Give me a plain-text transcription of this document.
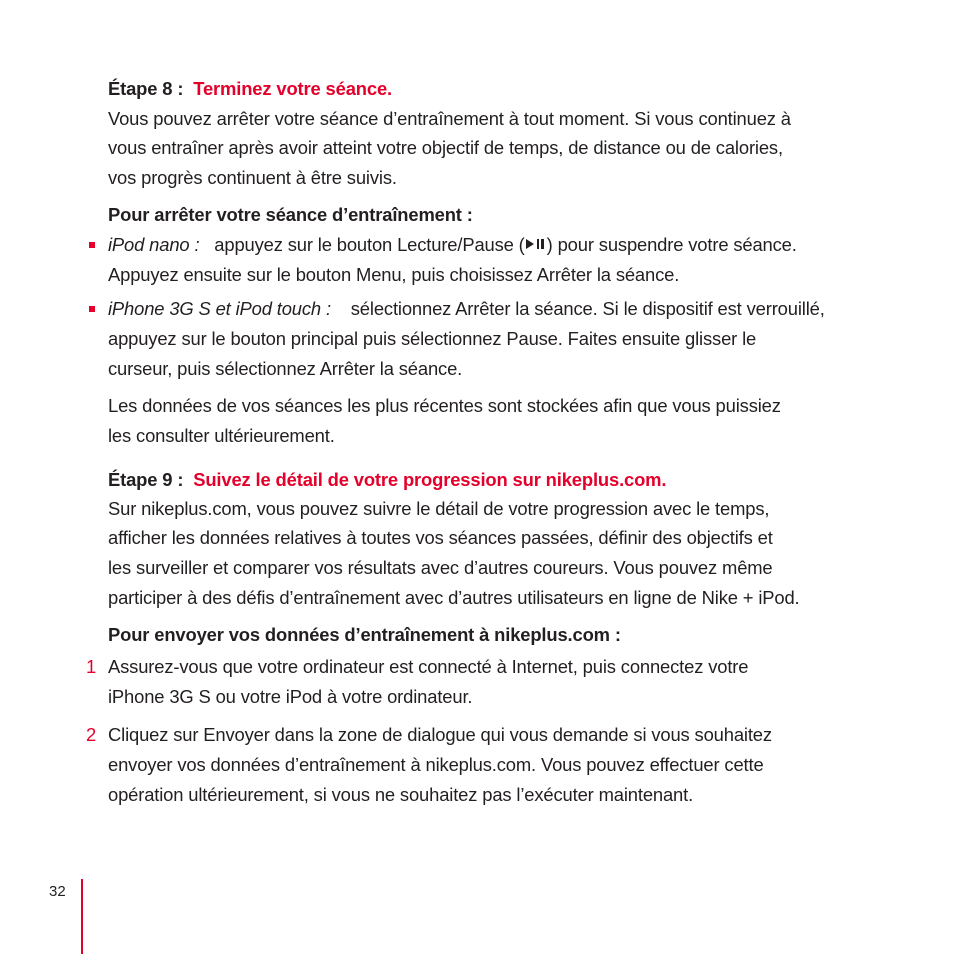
Étape 8 : Terminez votre séance.
Vous pouvez arrêter votre séance d’entraînement à tout moment. Si vous continuez à
vous entraîner après avoir atteint votre objectif de temps, de distance ou de calories,
vos progrès continuent à être suivis.
Pour arrêter votre séance d’entraînement :
iPod nano : appuyez sur le bouton Lecture/Pause ( ) pour suspendre votre séance.
Appuyez ensuite sur le bouton Menu, puis choisissez Arrêter la séance.
iPhone 3G S et iPod touch : sélectionnez Arrêter la séance. Si le dispositif est verrouillé,
appuyez sur le bouton principal puis sélectionnez Pause. Faites ensuite glisser le
curseur, puis sélectionnez Arrêter la séance.
Les données de vos séances les plus récentes sont stockées afin que vous puissiez
les consulter ultérieurement.
Étape 9 : Suivez le détail de votre progression sur nikeplus.com.
Sur nikeplus.com, vous pouvez suivre le détail de votre progression avec le temps,
afficher les données relatives à toutes vos séances passées, définir des objectifs et
les surveiller et comparer vos résultats avec d’autres coureurs. Vous pouvez même
participer à des défis d’entraînement avec d’autres utilisateurs en ligne de Nike + iPod.
Pour envoyer vos données d’entraînement à nikeplus.com :
1 Assurez-vous que votre ordinateur est connecté à Internet, puis connectez votre
iPhone 3G S ou votre iPod à votre ordinateur.
2 Cliquez sur Envoyer dans la zone de dialogue qui vous demande si vous souhaitez
envoyer vos données d’entraînement à nikeplus.com. Vous pouvez effectuer cette
opération ultérieurement, si vous ne souhaitez pas l’exécuter maintenant.
32
